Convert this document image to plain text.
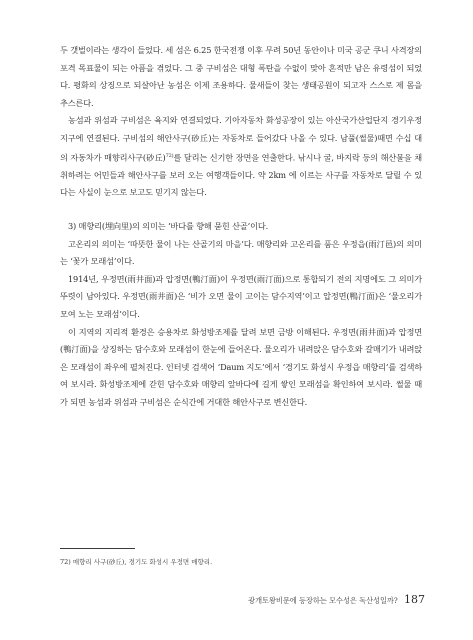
두 갯벌이라는 생각이 들었다. 세 섬은 6.25 한국전쟁 이후 무려 50년 동안이나 미국 공군 쿠니 사격장의 포격 목표물이 되는 아픔을 겪었다. 그 중 구비섬은 대형 폭탄을 수없이 맞아 흔적만 남은 유령섬이 되었다. 평화의 상징으로 되살아난 농섬은 이제 조용하다. 물새들이 찾는 생태공원이 되고자 스스로 제 몸을 추스른다.

농섬과 위섬과 구비섬은 육지와 연결되었다. 기아자동차 화성공장이 있는 아산국가산업단지 경기우정지구에 연결된다. 구비섬의 해안사구(砂丘)는 자동차로 들어갔다 나올 수 있다. 남풀(썰물)때면 수십 대의 자동차가 매향리사구(砂丘)$^{72)}$를 달리는 신기한 장면을 연출한다. 낚시나 굴, 바지락 등의 해산물을 채취하려는 어민들과 해안사구를 보러 오는 여행객들이다. 약 2km 에 이르는 사구를 자동차로 달릴 수 있다는 사실이 눈으로 보고도 믿기지 않는다.

3) 매향리(埋向里)의 의미는 ‘바다를 향해 묻힌 산골’이다.

고온리의 의미는 ‘따뜻한 물이 나는 산골기의 마을’다. 매향리와 고온리를 품은 우정읍(雨汀邑)의 의미는 ‘꽃가 모래섬’이다.

1914년, 우정면(雨井面)과 압정면(鴨汀面)이 우정면(雨汀面)으로 통합되기 전의 지명에도 그 의미가 뚜렷이 남아있다. 우정면(雨井面)은 ‘비가 오면 물이 고이는 담수지역’이고 압정면(鴨汀面)은 ‘물오리가 모여 노는 모래섬’이다.

이 지역의 지리적 환경은 승용차로 화성방조제를 달려 보면 금방 이해된다. 우정면(雨井面)과 압정면(鴨汀面)을 상징하는 담수호와 모래섬이 한눈에 들어온다. 물오리가 내려앉은 담수호와 갈매기가 내려앉은 모래섬이 좌우에 펼쳐진다. 인터넷 검색어 ‘Daum 지도’에서 ‘경기도 화성시 우정읍 매향리’를 검색하여 보시라. 화성방조제에 갇힌 담수호와 매향리 앞바다에 길게 쌓인 모래섬을 확인하여 보시라. 썰물 때가 되면 농섬과 위섬과 구비섬은 순식간에 거대한 해안사구로 변신한다.

72) 매향리 사구(砂丘), 경기도 화성시 우정면 매향리.
광개토왕비문에 등장하는 모수성은 독산성일까? 187
